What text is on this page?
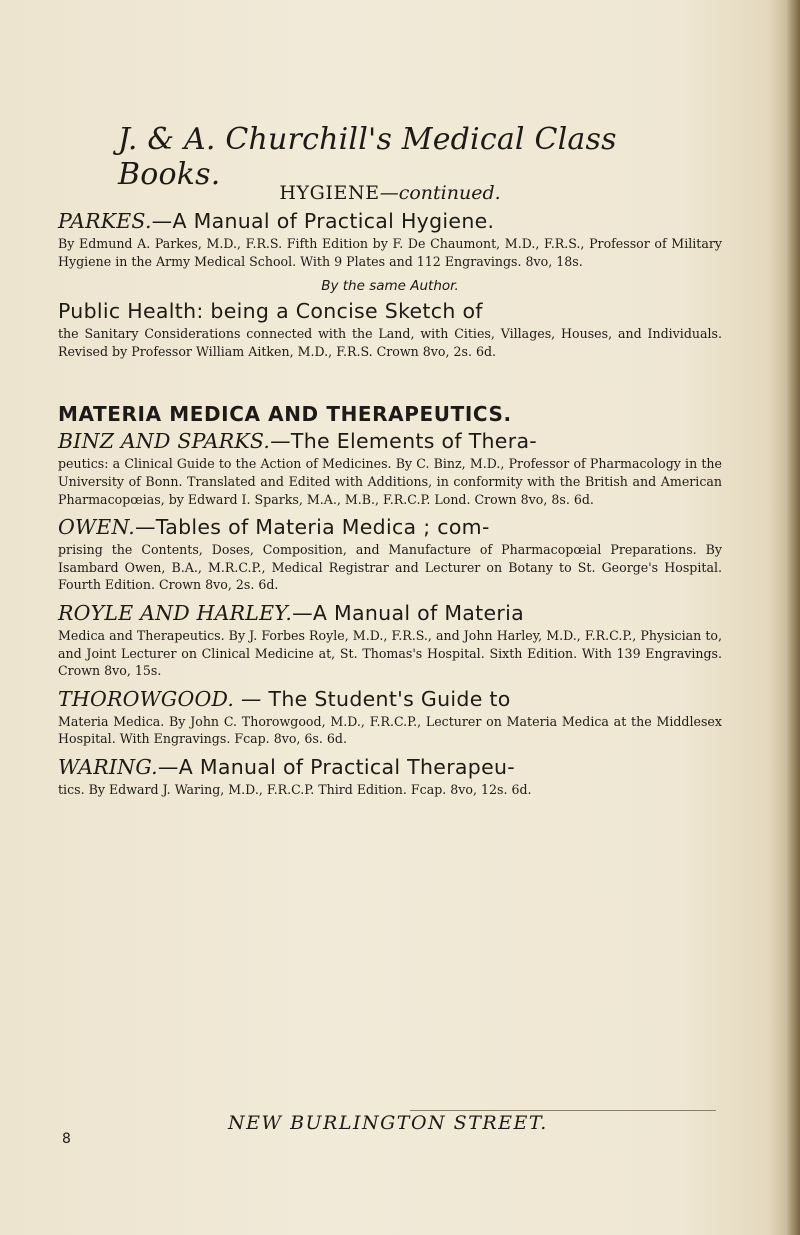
J. & A. Churchill's Medical Class Books.

HYGIENE—continued.

PARKES.—A Manual of Practical Hygiene.

By Edmund A. Parkes, M.D., F.R.S. Fifth Edition by F. De Chaumont, M.D., F.R.S., Professor of Military Hygiene in the Army Medical School. With 9 Plates and 112 Engravings. 8vo, 18s.

By the same Author.

Public Health: being a Concise Sketch of

the Sanitary Considerations connected with the Land, with Cities, Villages, Houses, and Individuals. Revised by Professor William Aitken, M.D., F.R.S. Crown 8vo, 2s. 6d.

MATERIA MEDICA AND THERAPEUTICS.

BINZ AND SPARKS.—The Elements of Thera-

peutics: a Clinical Guide to the Action of Medicines. By C. Binz, M.D., Professor of Pharmacology in the University of Bonn. Translated and Edited with Additions, in conformity with the British and American Pharmacopœias, by Edward I. Sparks, M.A., M.B., F.R.C.P. Lond. Crown 8vo, 8s. 6d.

OWEN.—Tables of Materia Medica ; com-

prising the Contents, Doses, Composition, and Manufacture of Pharmacopœial Preparations. By Isambard Owen, B.A., M.R.C.P., Medical Registrar and Lecturer on Botany to St. George's Hospital. Fourth Edition. Crown 8vo, 2s. 6d.

ROYLE AND HARLEY.—A Manual of Materia

Medica and Therapeutics. By J. Forbes Royle, M.D., F.R.S., and John Harley, M.D., F.R.C.P., Physician to, and Joint Lecturer on Clinical Medicine at, St. Thomas's Hospital. Sixth Edition. With 139 Engravings. Crown 8vo, 15s.

THOROWGOOD. — The Student's Guide to

Materia Medica. By John C. Thorowgood, M.D., F.R.C.P., Lecturer on Materia Medica at the Middlesex Hospital. With Engravings. Fcap. 8vo, 6s. 6d.

WARING.—A Manual of Practical Therapeu-

tics. By Edward J. Waring, M.D., F.R.C.P. Third Edition. Fcap. 8vo, 12s. 6d.

NEW BURLINGTON STREET.
8
